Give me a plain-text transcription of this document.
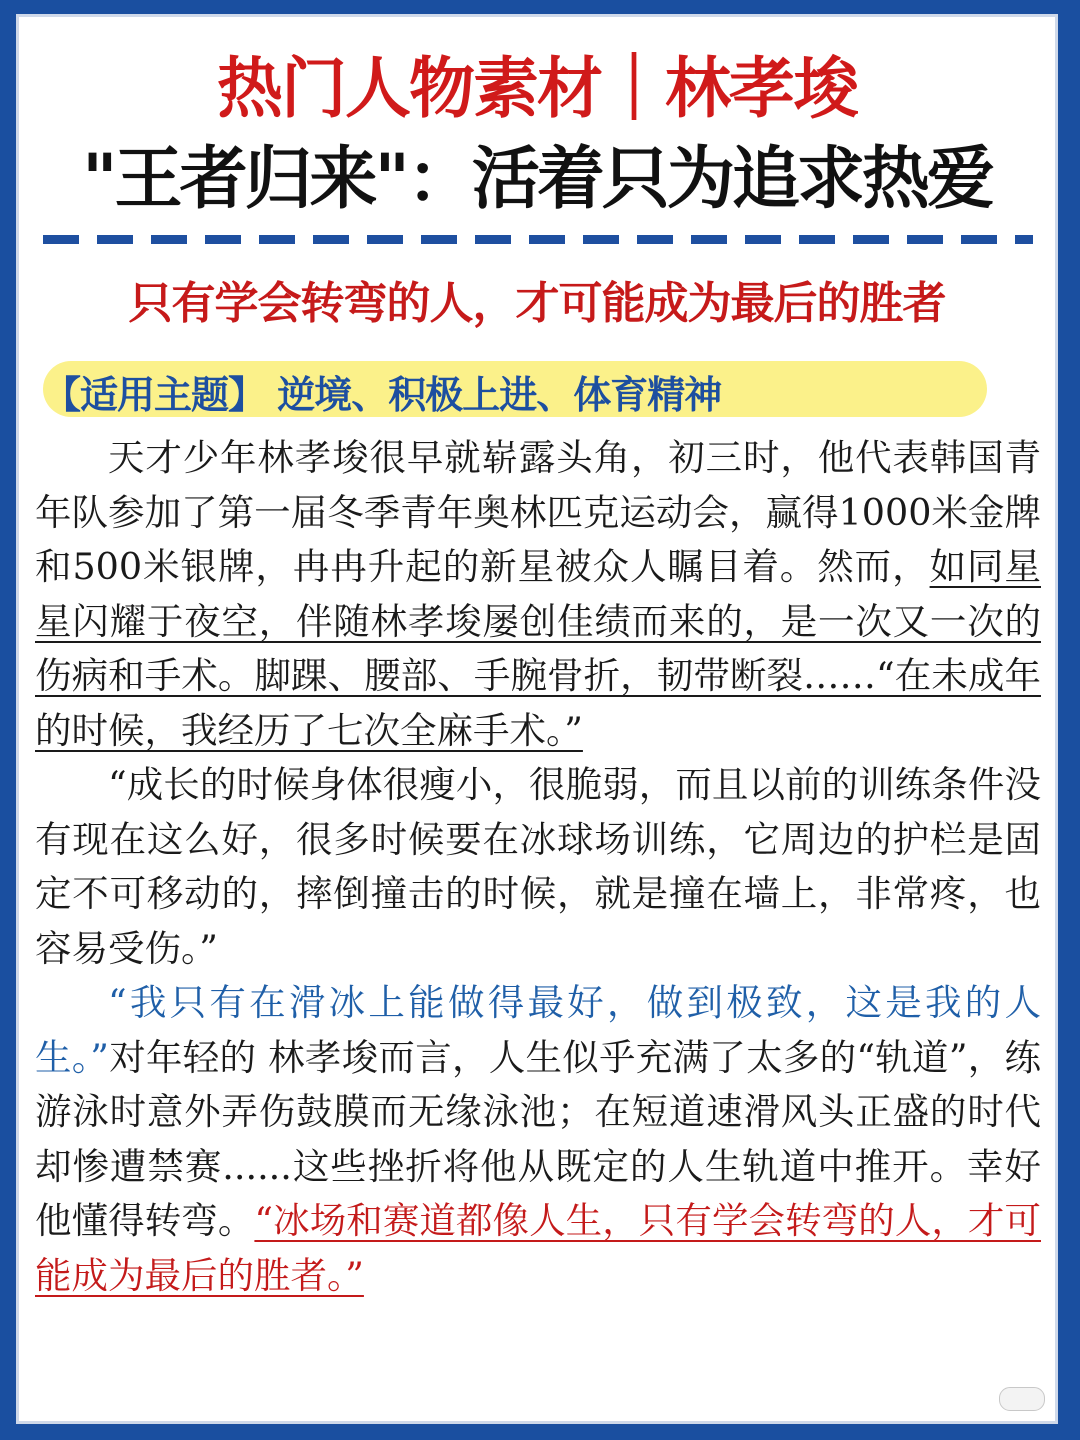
热门人物素材｜林孝埈
"王者归来"：活着只为追求热爱
只有学会转弯的人，才可能成为最后的胜者
【适用主题】 逆境、积极上进、体育精神

天才少年林孝埈很早就崭露头角，初三时，他代表韩国青年队参加了第一届冬季青年奥林匹克运动会，赢得1000米金牌和500米银牌，冉冉升起的新星被众人瞩目着。然而，如同星星闪耀于夜空，伴随林孝埈屡创佳绩而来的，是一次又一次的伤病和手术。脚踝、腰部、手腕骨折，韧带断裂……“在未成年的时候，我经历了七次全麻手术。”

“成长的时候身体很瘦小，很脆弱，而且以前的训练条件没有现在这么好，很多时候要在冰球场训练，它周边的护栏是固定不可移动的，摔倒撞击的时候，就是撞在墙上，非常疼，也容易受伤。”

“我只有在滑冰上能做得最好，做到极致，这是我的人生。”对年轻的 林孝埈而言，人生似乎充满了太多的“轨道”，练游泳时意外弄伤鼓膜而无缘泳池；在短道速滑风头正盛的时代却惨遭禁赛......这些挫折将他从既定的人生轨道中推开。幸好他懂得转弯。“冰场和赛道都像人生，只有学会转弯的人，才可能成为最后的胜者。”
